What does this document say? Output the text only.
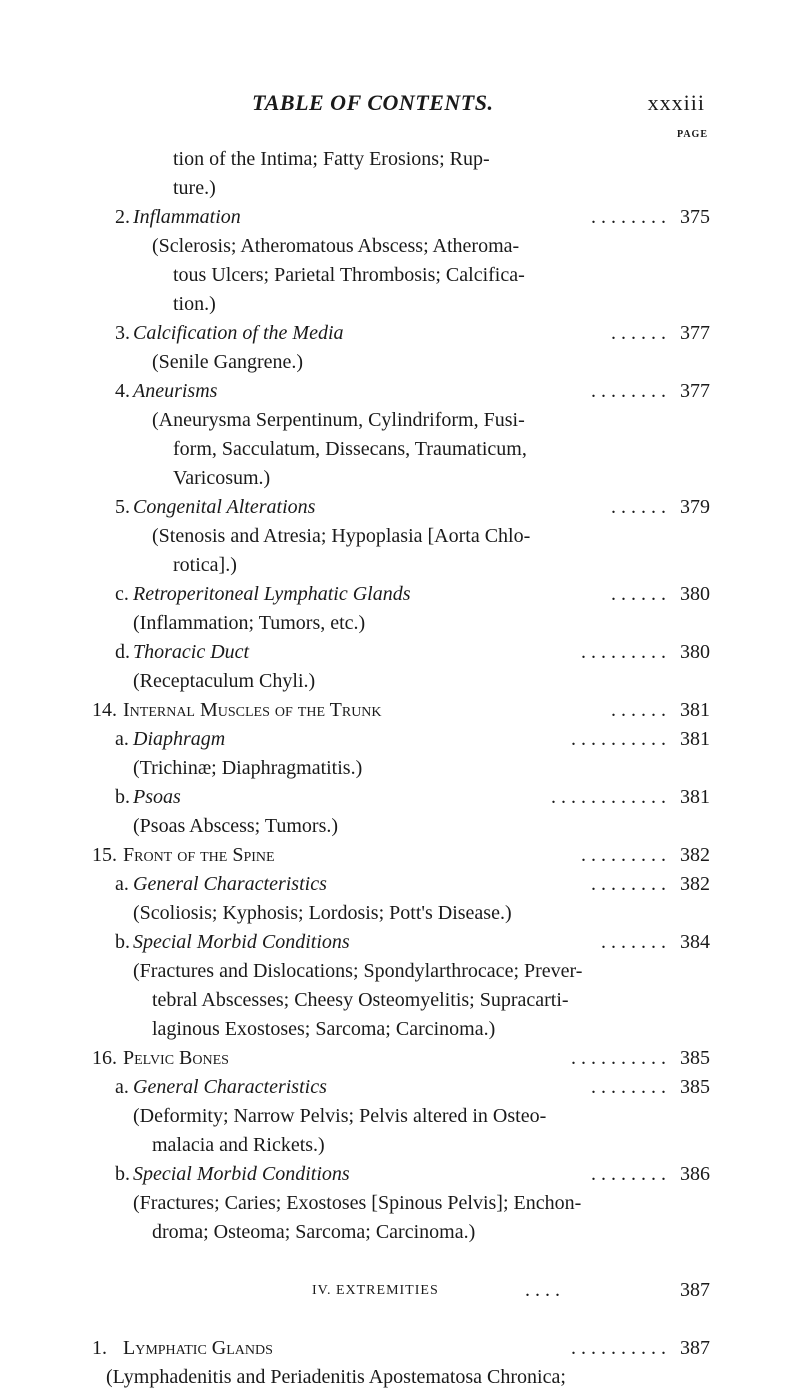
TABLE OF CONTENTS.	xxxiii
PAGE
tion of the Intima; Fatty Erosions; Rup-
ture.)
2. Inflammation	. . . . . . . . 375
(Sclerosis; Atheromatous Abscess; Atheroma-
tous Ulcers; Parietal Thrombosis; Calcifica-
tion.)
3. Calcification of the Media	. . . . . . 377
(Senile Gangrene.)
4. Aneurisms	. . . . . . . . 377
(Aneurysma Serpentinum, Cylindriform, Fusi-
form, Sacculatum, Dissecans, Traumaticum,
Varicosum.)
5. Congenital Alterations	. . . . . . 379
(Stenosis and Atresia; Hypoplasia [Aorta Chlo-
rotica].)
c. Retroperitoneal Lymphatic Glands	. . . . . . 380
(Inflammation; Tumors, etc.)
d. Thoracic Duct	. . . . . . . . . 380
(Receptaculum Chyli.)
14. Internal Muscles of the Trunk	. . . . . . 381
a. Diaphragm	. . . . . . . . . . 381
(Trichinæ; Diaphragmatitis.)
b. Psoas	. . . . . . . . . . . . 381
(Psoas Abscess; Tumors.)
15. Front of the Spine	. . . . . . . . . 382
a. General Characteristics	. . . . . . . . 382
(Scoliosis; Kyphosis; Lordosis; Pott's Disease.)
b. Special Morbid Conditions	. . . . . . . 384
(Fractures and Dislocations; Spondylarthrocace; Prever-
tebral Abscesses; Cheesy Osteomyelitis; Supracarti-
laginous Exostoses; Sarcoma; Carcinoma.)
16. Pelvic Bones	. . . . . . . . . . 385
a. General Characteristics	. . . . . . . . 385
(Deformity; Narrow Pelvis; Pelvis altered in Osteo-
malacia and Rickets.)
b. Special Morbid Conditions	. . . . . . . . 386
(Fractures; Caries; Exostoses [Spinous Pelvis]; Enchon-
droma; Osteoma; Sarcoma; Carcinoma.)
IV. EXTREMITIES	. . . .	387
1. Lymphatic Glands	. . . . . . . . . . 387
(Lymphadenitis and Periadenitis Apostematosa Chronica;
